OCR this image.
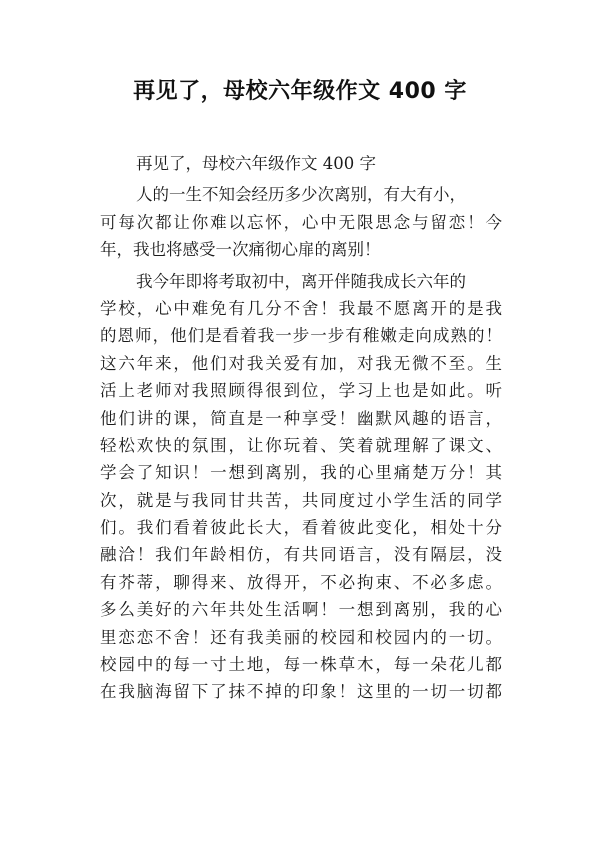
再见了，母校六年级作文 400 字
再见了，母校六年级作文 400 字
人的一生不知会经历多少次离别，有大有小，
可每次都让你难以忘怀，心中无限思念与留恋！今
年，我也将感受一次痛彻心扉的离别！
我今年即将考取初中，离开伴随我成长六年的
学校，心中难免有几分不舍！我最不愿离开的是我
的恩师，他们是看着我一步一步有稚嫩走向成熟的！
这六年来，他们对我关爱有加，对我无微不至。生
活上老师对我照顾得很到位，学习上也是如此。听
他们讲的课，简直是一种享受！幽默风趣的语言，
轻松欢快的氛围，让你玩着、笑着就理解了课文、
学会了知识！一想到离别，我的心里痛楚万分！其
次，就是与我同甘共苦，共同度过小学生活的同学
们。我们看着彼此长大，看着彼此变化，相处十分
融洽！我们年龄相仿，有共同语言，没有隔层，没
有芥蒂，聊得来、放得开，不必拘束、不必多虑。
多么美好的六年共处生活啊！一想到离别，我的心
里恋恋不舍！还有我美丽的校园和校园内的一切。
校园中的每一寸土地，每一株草木，每一朵花儿都
在我脑海留下了抹不掉的印象！这里的一切一切都
